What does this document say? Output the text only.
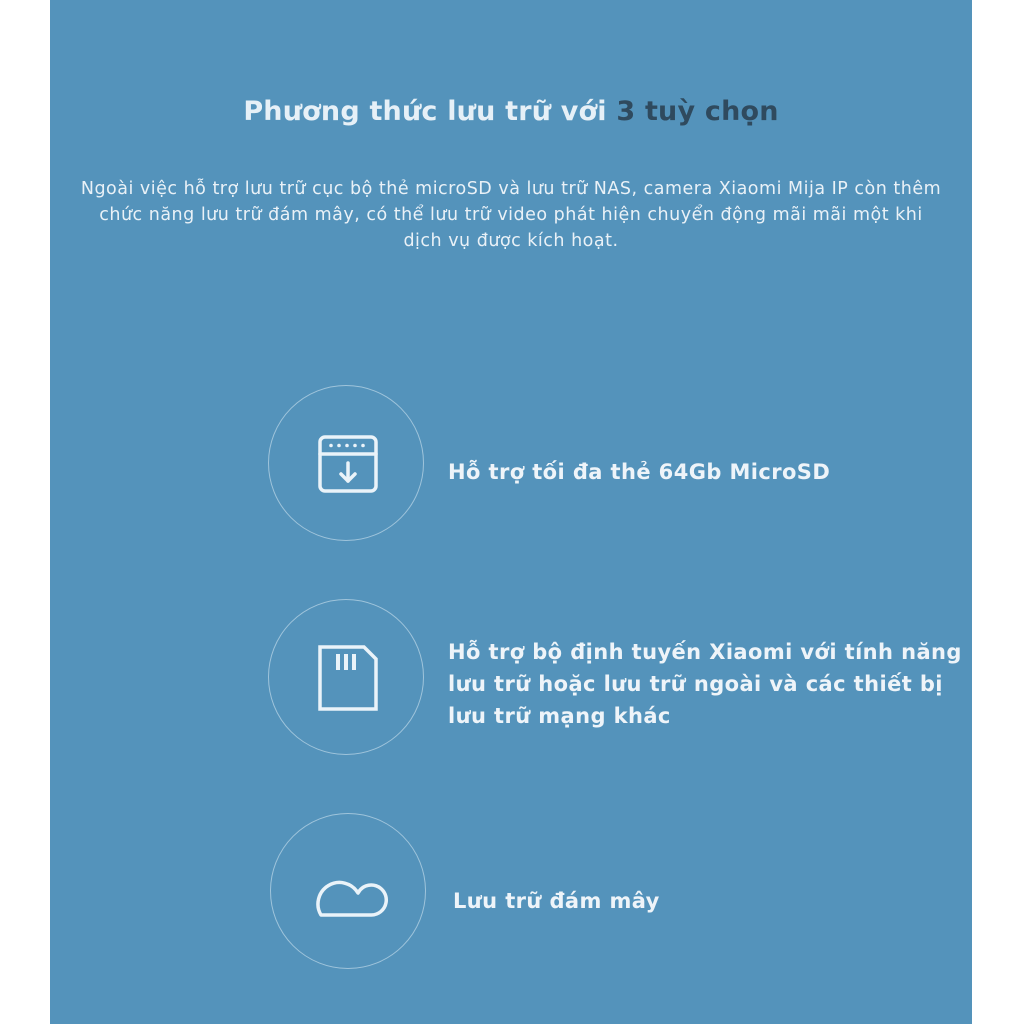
Phương thức lưu trữ với 3 tuỳ chọn
Ngoài việc hỗ trợ lưu trữ cục bộ thẻ microSD và lưu trữ NAS, camera Xiaomi Mija IP còn thêm chức năng lưu trữ đám mây, có thể lưu trữ video phát hiện chuyển động mãi mãi một khi dịch vụ được kích hoạt.
Hỗ trợ tối đa thẻ 64Gb MicroSD
Hỗ trợ bộ định tuyến Xiaomi với tính năng lưu trữ hoặc lưu trữ ngoài và các thiết bị lưu trữ mạng khác
Lưu trữ đám mây
